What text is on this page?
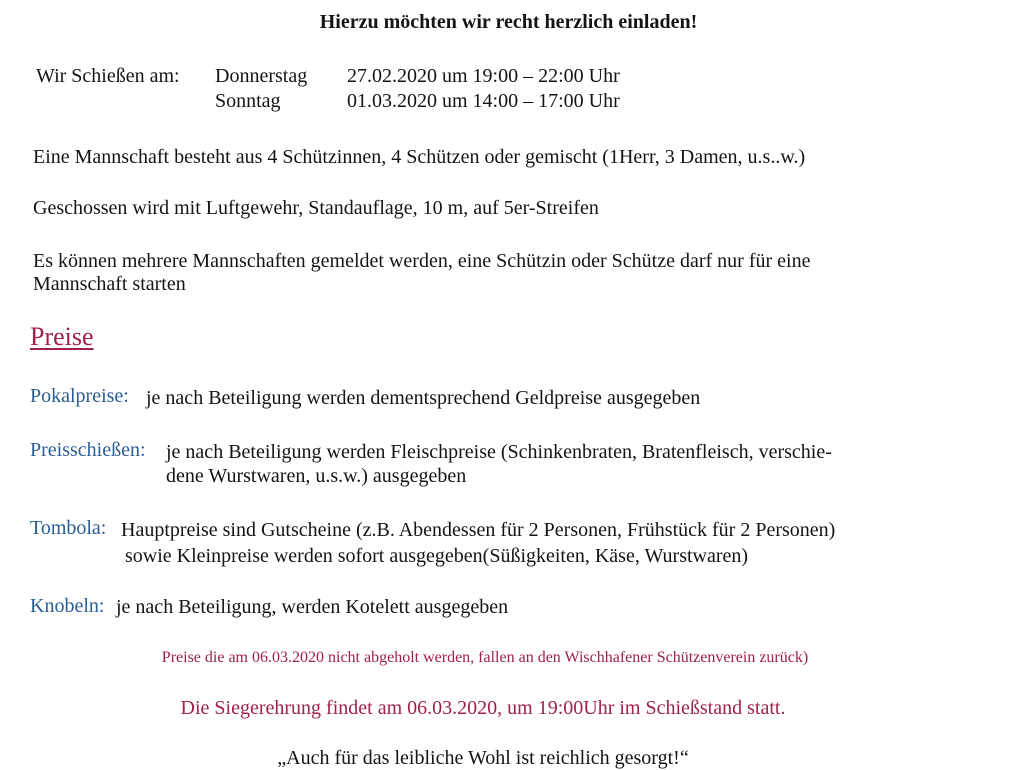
Hierzu möchten wir recht herzlich einladen!
Wir Schießen am: Donnerstag 27.02.2020 um 19:00 – 22:00 Uhr
Sonntag	01.03.2020 um 14:00 – 17:00 Uhr
Eine Mannschaft besteht aus 4 Schützinnen, 4 Schützen oder gemischt (1Herr, 3 Damen, u.s..w.)
Geschossen wird mit Luftgewehr, Standauflage, 10 m, auf 5er-Streifen
Es können mehrere Mannschaften gemeldet werden, eine Schützin oder Schütze darf nur für eine
Mannschaft starten
Preise
Pokalpreise: je nach Beteiligung werden dementsprechend Geldpreise ausgegeben
Preisschießen: je nach Beteiligung werden Fleischpreise (Schinkenbraten, Bratenfleisch, verschie-
dene Wurstwaren, u.s.w.) ausgegeben
Tombola: Hauptpreise sind Gutscheine (z.B. Abendessen für 2 Personen, Frühstück für 2 Personen)
sowie Kleinpreise werden sofort ausgegeben(Süßigkeiten, Käse, Wurstwaren)
Knobeln: je nach Beteiligung, werden Kotelett ausgegeben
Preise die am 06.03.2020 nicht abgeholt werden, fallen an den Wischhafener Schützenverein zurück)
Die Siegerehrung findet am 06.03.2020, um 19:00Uhr im Schießstand statt.
„Auch für das leibliche Wohl ist reichlich gesorgt!“
